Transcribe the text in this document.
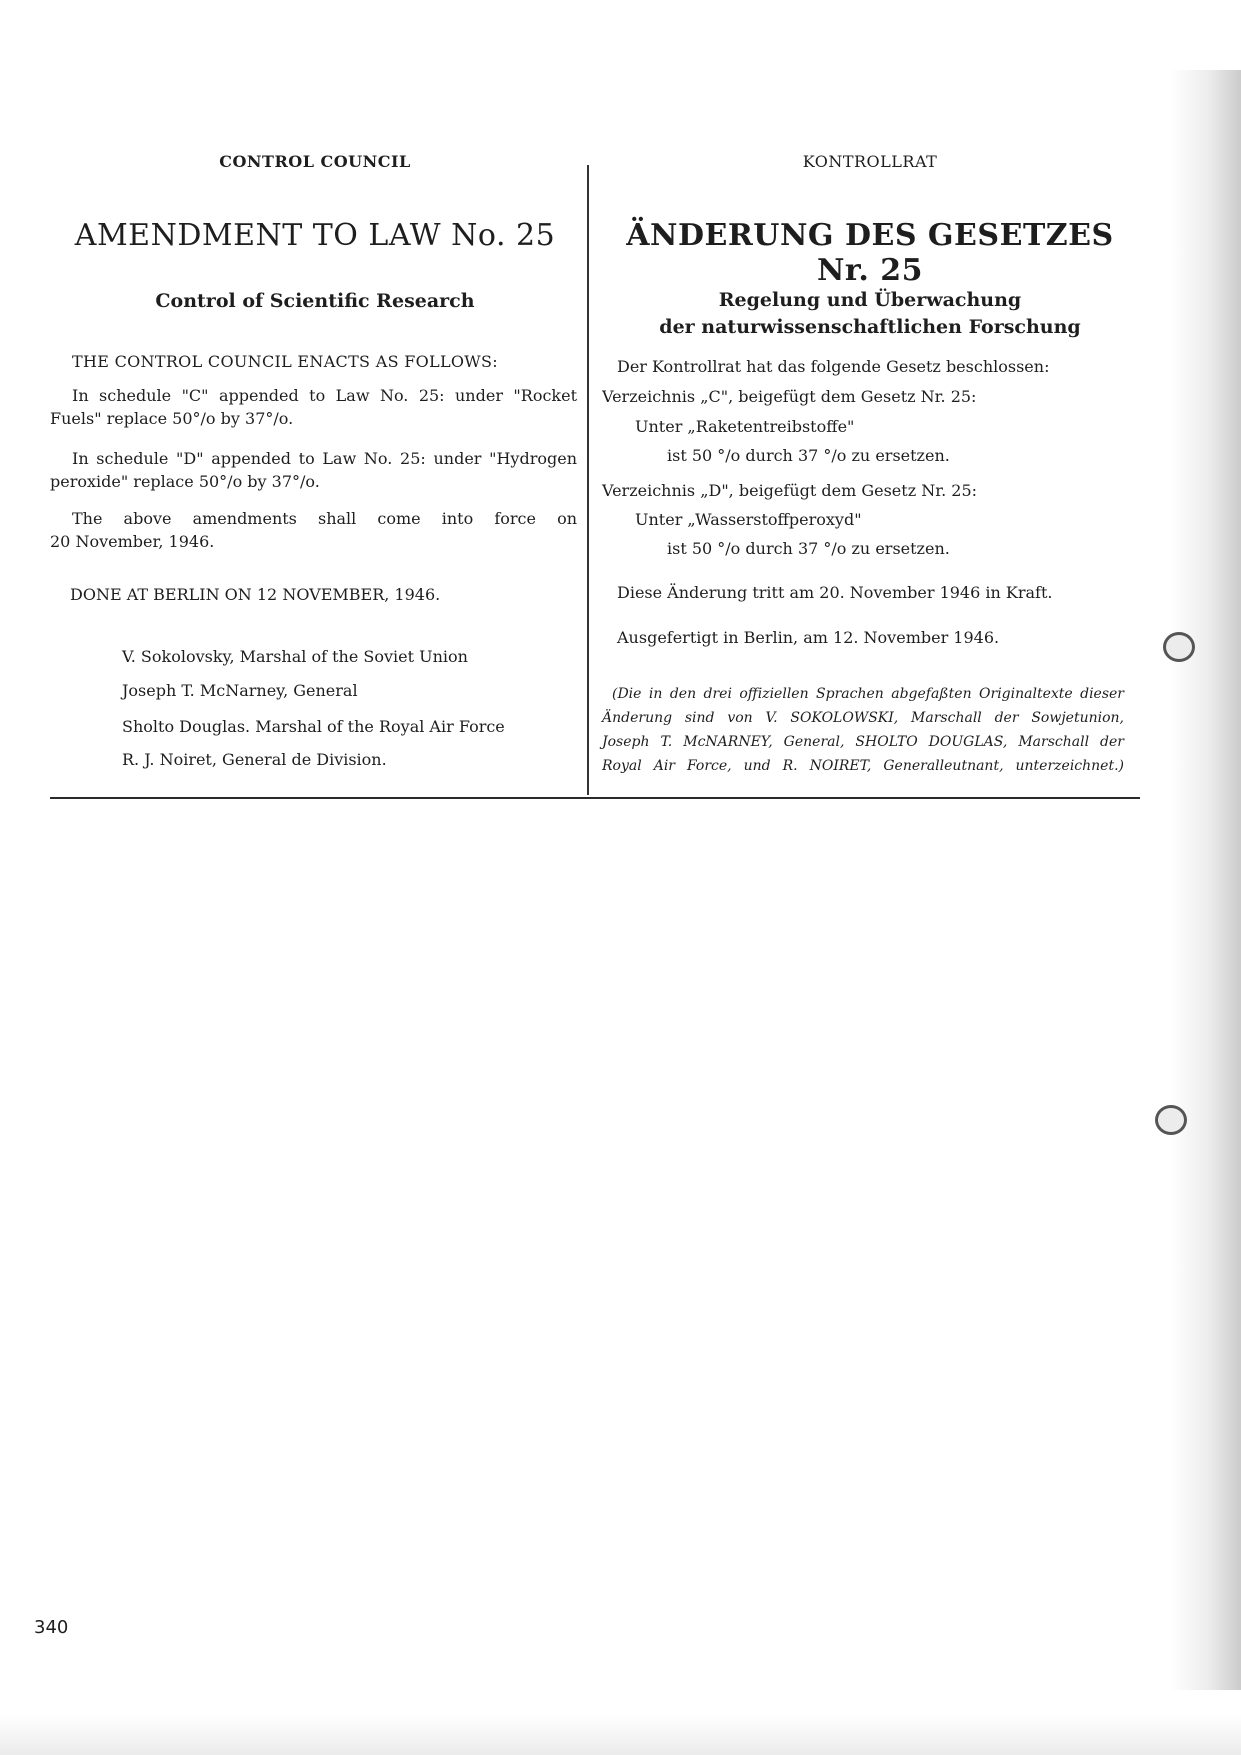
CONTROL COUNCIL
AMENDMENT TO LAW No. 25
Control of Scientific Research
THE CONTROL COUNCIL ENACTS AS FOLLOWS:
In schedule "C" appended to Law No. 25: under "Rocket
Fuels" replace 50°/o by 37°/o.
In schedule "D" appended to Law No. 25: under "Hydrogen
peroxide" replace 50°/o by 37°/o.
The above amendments shall come into force on
20 November, 1946.
DONE AT BERLIN ON 12 NOVEMBER, 1946.
V. Sokolovsky, Marshal of the Soviet Union
Joseph T. McNarney, General
Sholto Douglas. Marshal of the Royal Air Force
R. J. Noiret, General de Division.
KONTROLLRAT
ÄNDERUNG DES GESETZES Nr. 25
Regelung und Überwachung
der naturwissenschaftlichen Forschung
Der Kontrollrat hat das folgende Gesetz beschlossen:
Verzeichnis „C", beigefügt dem Gesetz Nr. 25:
Unter „Raketentreibstoffe"
ist 50 °/o durch 37 °/o zu ersetzen.
Verzeichnis „D", beigefügt dem Gesetz Nr. 25:
Unter „Wasserstoffperoxyd"
ist 50 °/o durch 37 °/o zu ersetzen.
Diese Änderung tritt am 20. November 1946 in Kraft.
Ausgefertigt in Berlin, am 12. November 1946.
(Die in den drei offiziellen Sprachen abgefaßten Originaltexte dieser
Änderung sind von V. SOKOLOWSKI, Marschall der Sowjetunion,
Joseph T. McNARNEY, General, SHOLTO DOUGLAS, Marschall der
Royal Air Force, und R. NOIRET, Generalleutnant, unterzeichnet.)
340
